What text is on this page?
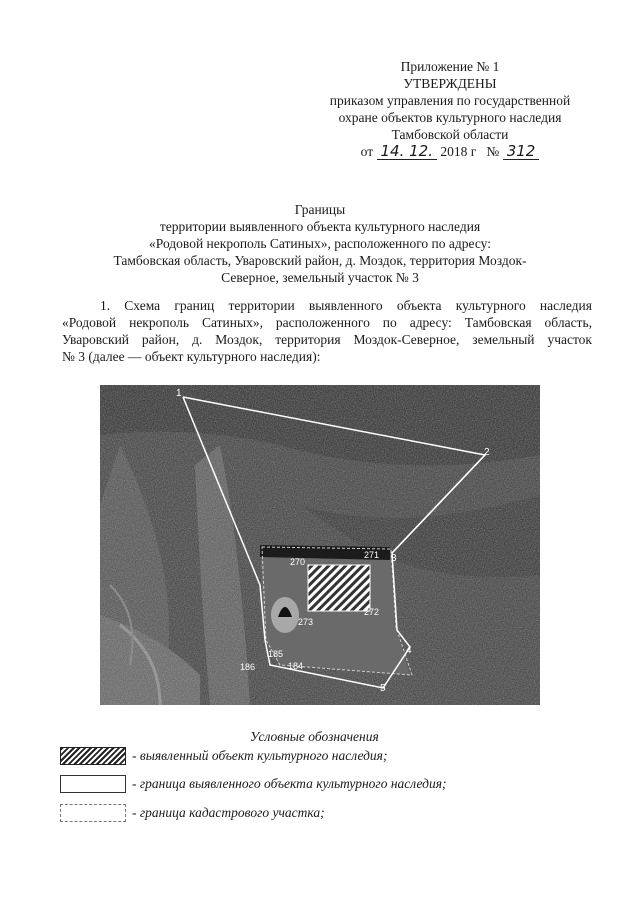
Приложение № 1
УТВЕРЖДЕНЫ
приказом управления по государственной
охране объектов культурного наследия
Тамбовской области
от 14. 12. 2018 г № 312
Границы
территории выявленного объекта культурного наследия
«Родовой некрополь Сатиных», расположенного по адресу:
Тамбовская область, Уваровский район, д. Моздок, территория Моздок-
Северное, земельный участок № 3
1. Схема границ территории выявленного объекта культурного наследия
«Родовой некрополь Сатиных», расположенного по адресу: Тамбовская область,
Уваровский район, д. Моздок, территория Моздок-Северное, земельный участок
№ 3 (далее — объект культурного наследия):
1
2
3
4
5
270
271
272
273
184
185
186
Условные обозначения
- выявленный объект культурного наследия;
- граница выявленного объекта культурного наследия;
- граница кадастрового участка;
